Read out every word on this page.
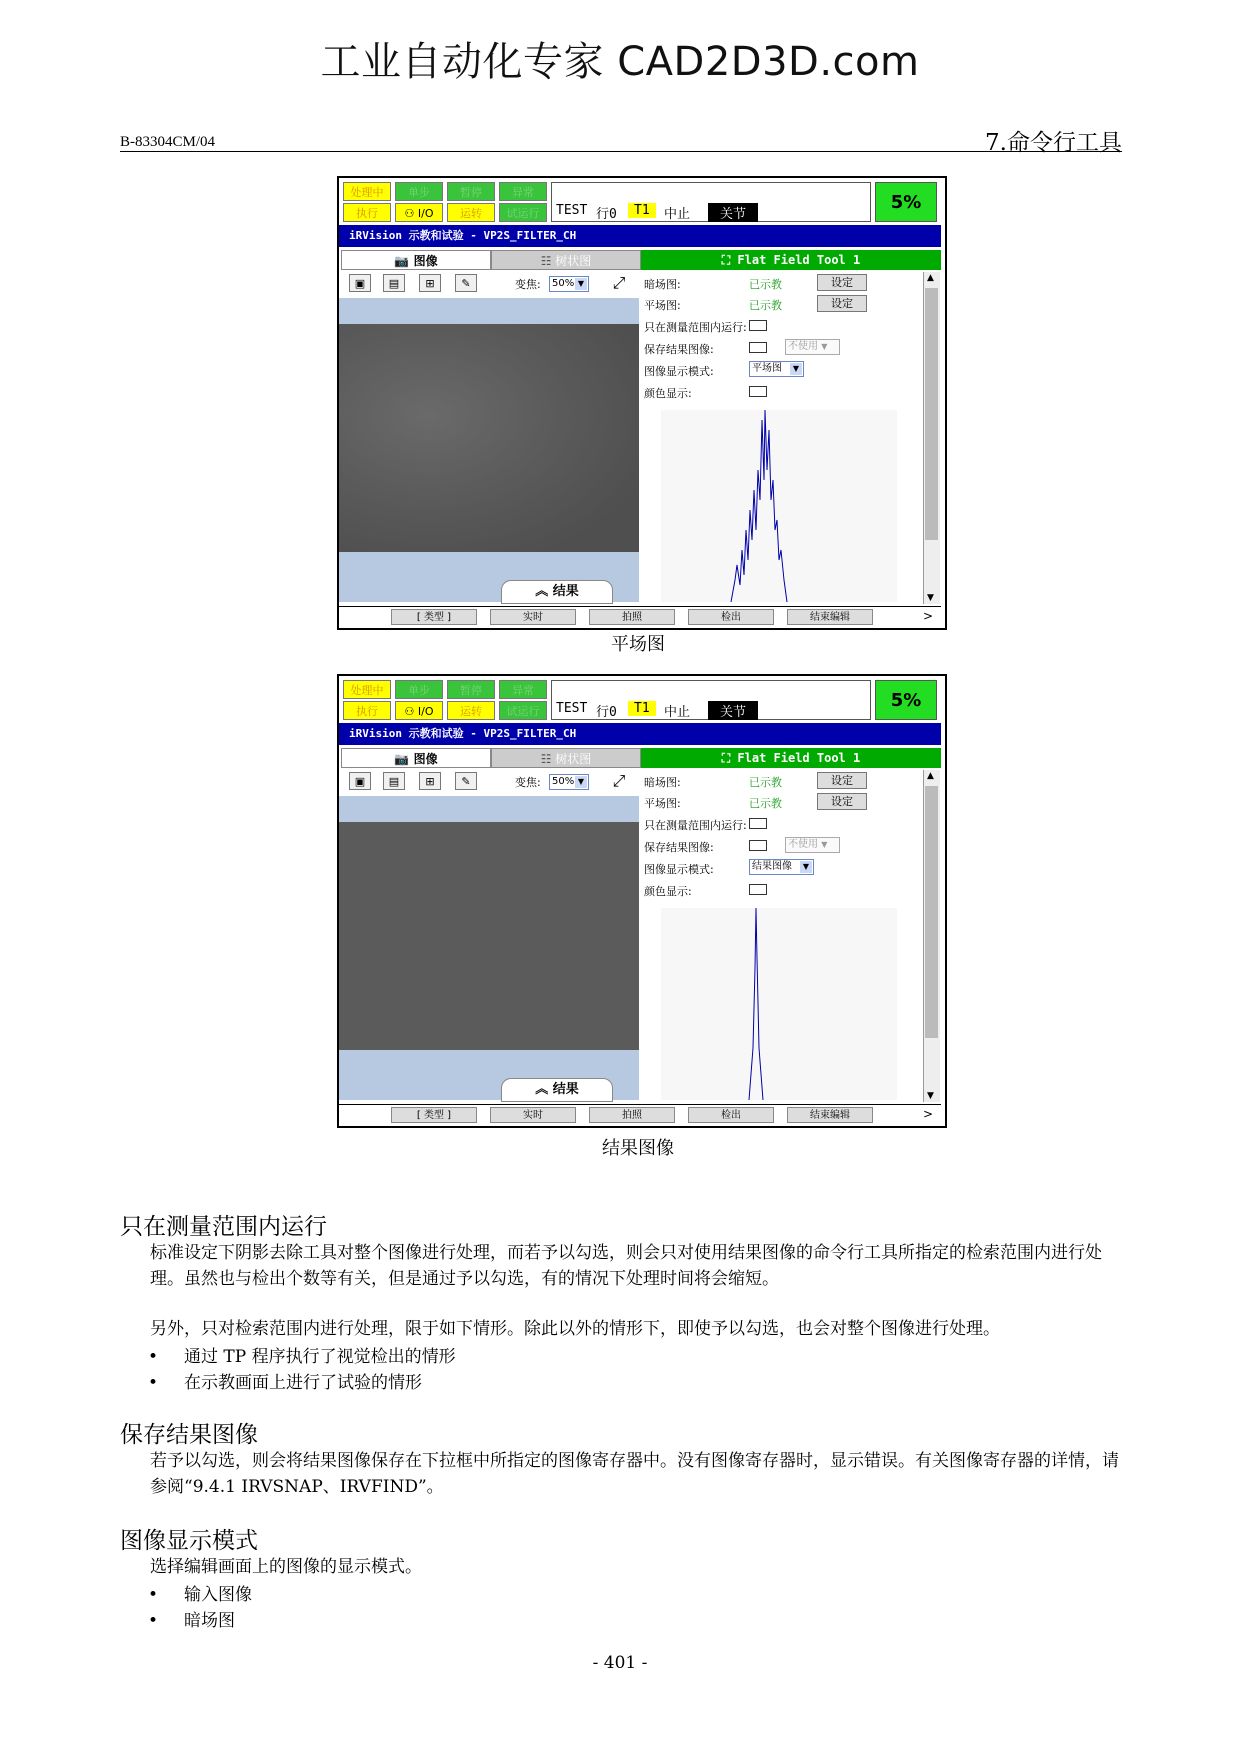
工业自动化专家 CAD2D3D.com
B-83304CM/04	7.命令行工具
处理中	单步	暂停	异常
执行	⚇ I/O	运转	试运行	TEST 行0	T1	中止	关节
5%
iRVision 示教和试验 - VP2S_FILTER_CH
📷 图像	☷ 树状图
▣	▤	⊞	✎	变焦:	50% ▼	⤢
︽ 结果
⛶ Flat Field Tool 1
暗场图:	已示教	设定
平场图:	已示教	设定
只在测量范围内运行:
保存结果图像:	不使用 ▼
图像显示模式:	平场图	▼
颜色显示:
▲
▼
[ 类型 ]	实时	拍照	检出	结束编辑	>
平场图
处理中	单步	暂停	异常
执行	⚇ I/O	运转	试运行	TEST 行0	T1	中止	关节
5%
iRVision 示教和试验 - VP2S_FILTER_CH
📷 图像	☷ 树状图
▣	▤	⊞	✎	变焦:	50% ▼	⤢
︽ 结果
⛶ Flat Field Tool 1
暗场图:	已示教	设定
平场图:	已示教	设定
只在测量范围内运行:
保存结果图像:	不使用 ▼
图像显示模式:	结果图像	▼
颜色显示:
▲
▼
[ 类型 ]	实时	拍照	检出	结束编辑	>
结果图像
只在测量范围内运行
标准设定下阴影去除工具对整个图像进行处理，而若予以勾选，则会只对使用结果图像的命令行工具所指定的检索范围内进行处理。虽然也与检出个数等有关，但是通过予以勾选，有的情况下处理时间将会缩短。
另外，只对检索范围内进行处理，限于如下情形。除此以外的情形下，即使予以勾选，也会对整个图像进行处理。
• 通过 TP 程序执行了视觉检出的情形
• 在示教画面上进行了试验的情形
保存结果图像
若予以勾选，则会将结果图像保存在下拉框中所指定的图像寄存器中。没有图像寄存器时，显示错误。有关图像寄存器的详情，请参阅“9.4.1 IRVSNAP、IRVFIND”。
图像显示模式
选择编辑画面上的图像的显示模式。
• 输入图像
• 暗场图
- 401 -
